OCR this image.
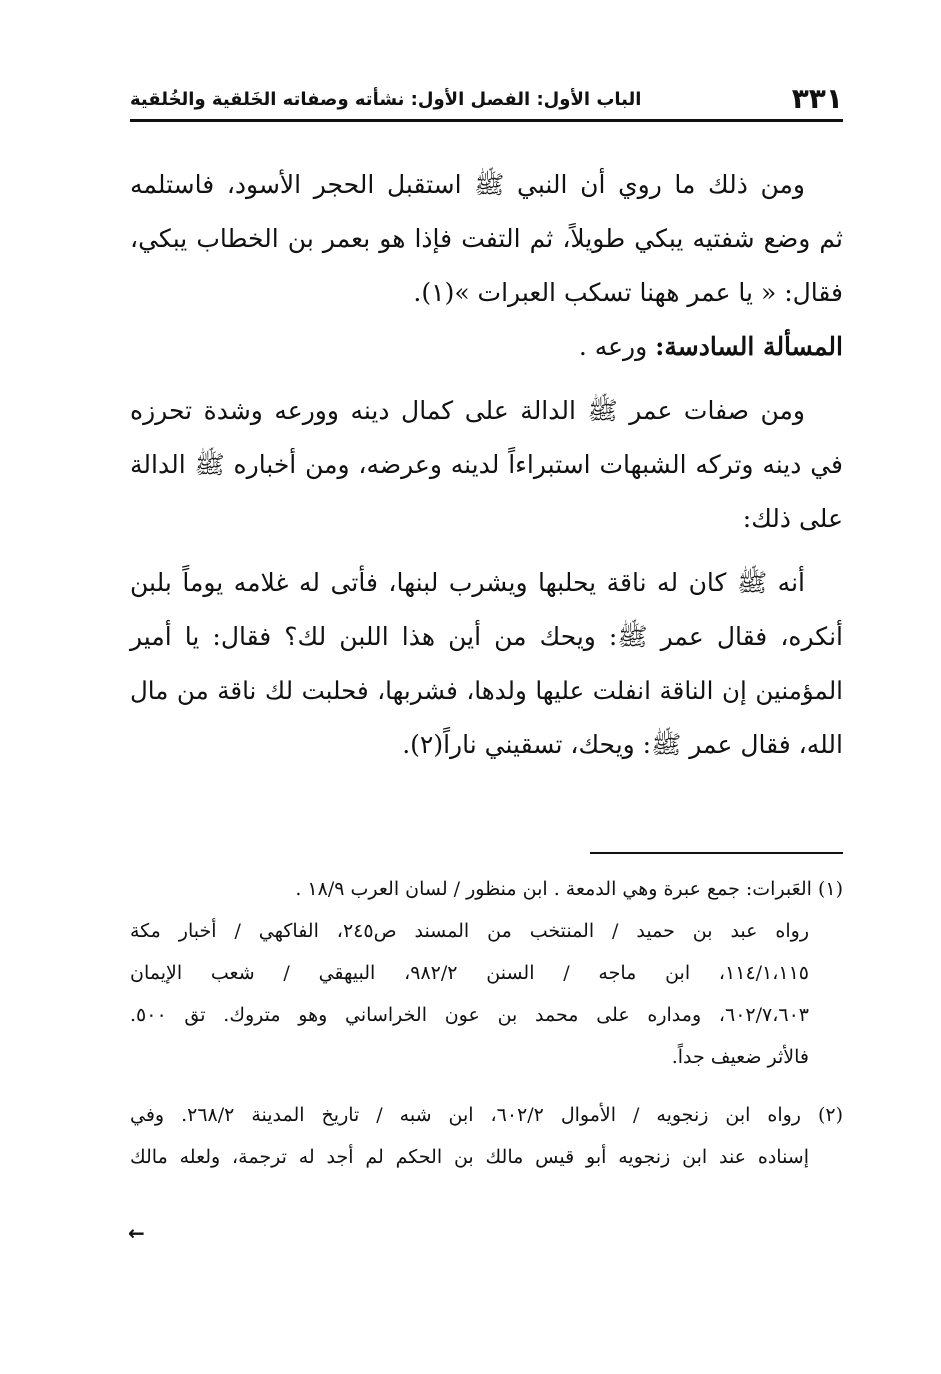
٣٣١
الباب الأول: الفصل الأول: نشأته وصفاته الخَلقية والخُلقية
ومن ذلك ما روي أن النبي ﷺ استقبل الحجر الأسود، فاستلمه
ثم وضع شفتيه يبكي طويلاً، ثم التفت فإذا هو بعمر بن الخطاب يبكي،
فقال: « يا عمر ههنا تسكب العبرات »(١).
المسألة السادسة: ورعه .
ومن صفات عمر ﷺ الدالة على كمال دينه وورعه وشدة تحرزه
في دينه وتركه الشبهات استبراءاً لدينه وعرضه، ومن أخباره ﷺ الدالة
على ذلك:
أنه ﷺ كان له ناقة يحلبها ويشرب لبنها، فأتى له غلامه يوماً بلبن
أنكره، فقال عمر ﷺ: ويحك من أين هذا اللبن لك؟ فقال: يا أمير
المؤمنين إن الناقة انفلت عليها ولدها، فشربها، فحلبت لك ناقة من مال
الله، فقال عمر ﷺ: ويحك، تسقيني ناراً(٢).
(١) العَبرات: جمع عبرة وهي الدمعة . ابن منظور / لسان العرب ١٨/٩ .
رواه عبد بن حميد / المنتخب من المسند ص٢٤٥، الفاكهي / أخبار مكة
١١٤/١،١١٥، ابن ماجه / السنن ٩٨٢/٢، البيهقي / شعب الإيمان
٦٠٢/٧،٦٠٣، ومداره على محمد بن عون الخراساني وهو متروك. تق ٥٠٠.
فالأثر ضعيف جداً.
(٢) رواه ابن زنجويه / الأموال ٦٠٢/٢، ابن شبه / تاريخ المدينة ٢٦٨/٢. وفي
إسناده عند ابن زنجويه أبو قيس مالك بن الحكم لم أجد له ترجمة، ولعله مالك
←
